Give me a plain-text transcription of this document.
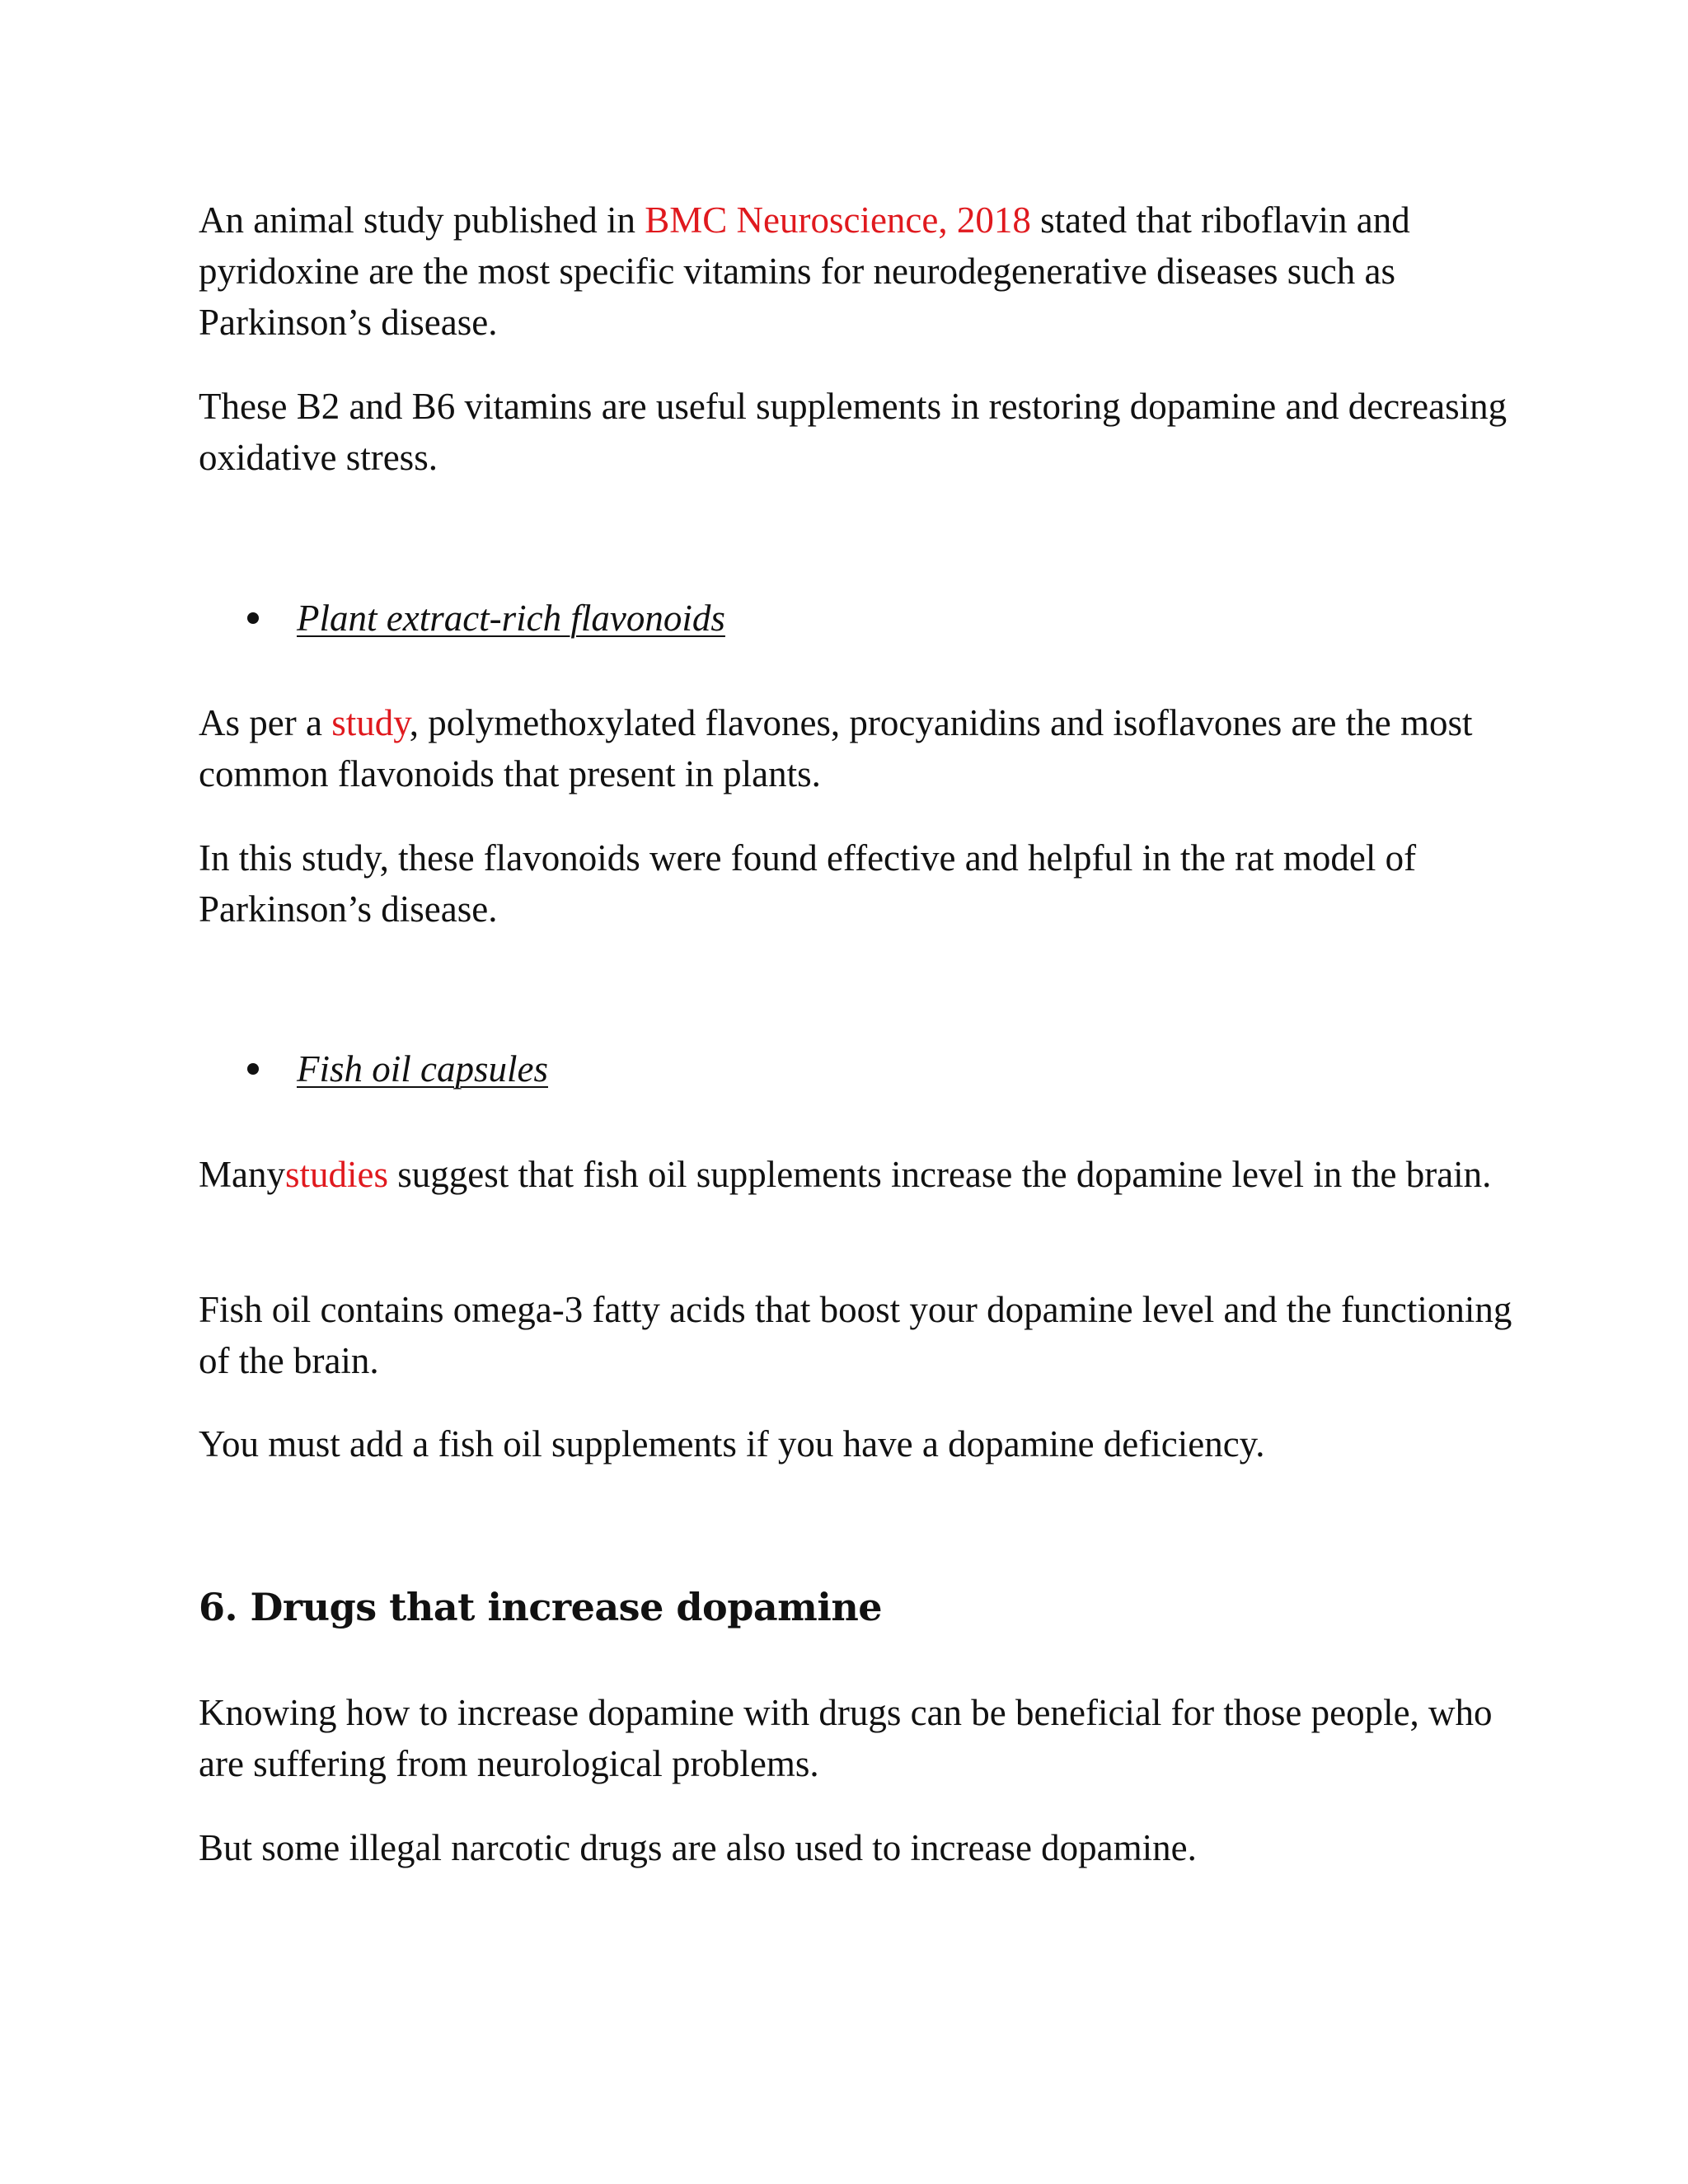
An animal study published in BMC Neuroscience, 2018 stated that riboflavin and pyridoxine are the most specific vitamins for neurodegenerative diseases such as Parkinson’s disease.

These B2 and B6 vitamins are useful supplements in restoring dopamine and decreasing oxidative stress.

Plant extract-rich flavonoids

As per a study, polymethoxylated flavones, procyanidins and isoflavones are the most common flavonoids that present in plants.

In this study, these flavonoids were found effective and helpful in the rat model of Parkinson’s disease.

Fish oil capsules

Manystudies suggest that fish oil supplements increase the dopamine level in the brain.

Fish oil contains omega-3 fatty acids that boost your dopamine level and the functioning of the brain.

You must add a fish oil supplements if you have a dopamine deficiency.

6. Drugs that increase dopamine

Knowing how to increase dopamine with drugs can be beneficial for those people, who are suffering from neurological problems.

But some illegal narcotic drugs are also used to increase dopamine.
